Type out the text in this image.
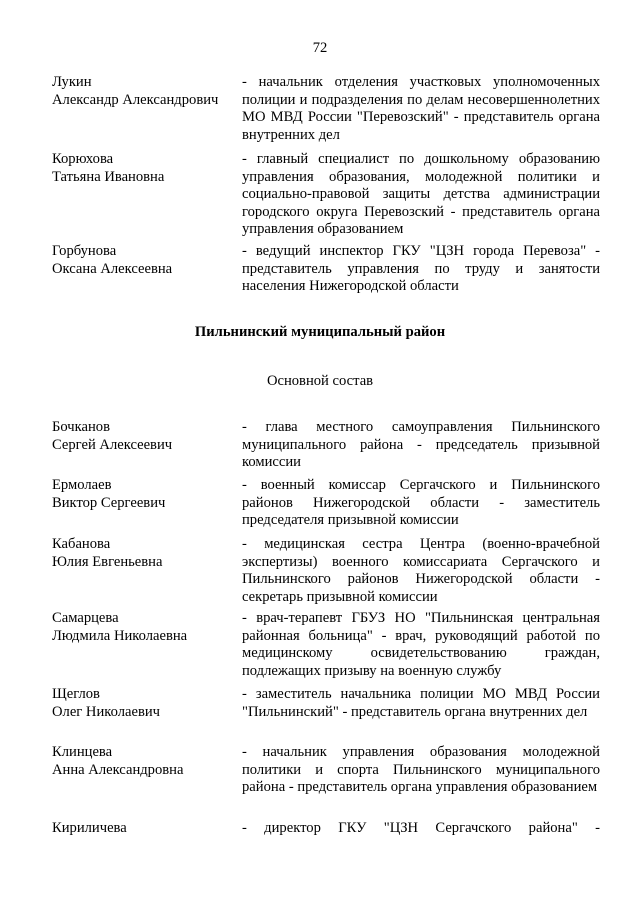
72
Лукин
Александр Александрович
- начальник отделения участковых уполномоченных полиции и подразделения по делам несовершеннолетних МО МВД России "Перевозский" - представитель органа внутренних дел
Корюхова
Татьяна Ивановна
- главный специалист по дошкольному образованию управления образования, молодежной политики и социально-правовой защиты детства администрации городского округа Перевозский - представитель органа управления образованием
Горбунова
Оксана Алексеевна
- ведущий инспектор ГКУ "ЦЗН города Перевоза" - представитель управления по труду и занятости населения Нижегородской области
Пильнинский муниципальный район
Основной состав
Бочканов
Сергей Алексеевич
- глава местного самоуправления Пильнинского муниципального района - председатель призывной комиссии
Ермолаев
Виктор Сергеевич
- военный комиссар Сергачского и Пильнинского районов Нижегородской области - заместитель председателя призывной комиссии
Кабанова
Юлия Евгеньевна
- медицинская сестра Центра (военно-врачебной экспертизы) военного комиссариата Сергачского и Пильнинского районов Нижегородской области - секретарь призывной комиссии
Самарцева
Людмила Николаевна
- врач-терапевт ГБУЗ НО "Пильнинская центральная районная больница" - врач, руководящий работой по медицинскому освидетельствованию граждан, подлежащих призыву на военную службу
Щеглов
Олег Николаевич
- заместитель начальника полиции МО МВД России "Пильнинский" - представитель органа внутренних дел
Клинцева
Анна Александровна
- начальник управления образования молодежной политики и спорта Пильнинского муниципального района - представитель органа управления образованием
Кириличева	- директор ГКУ "ЦЗН Сергачского района" -
